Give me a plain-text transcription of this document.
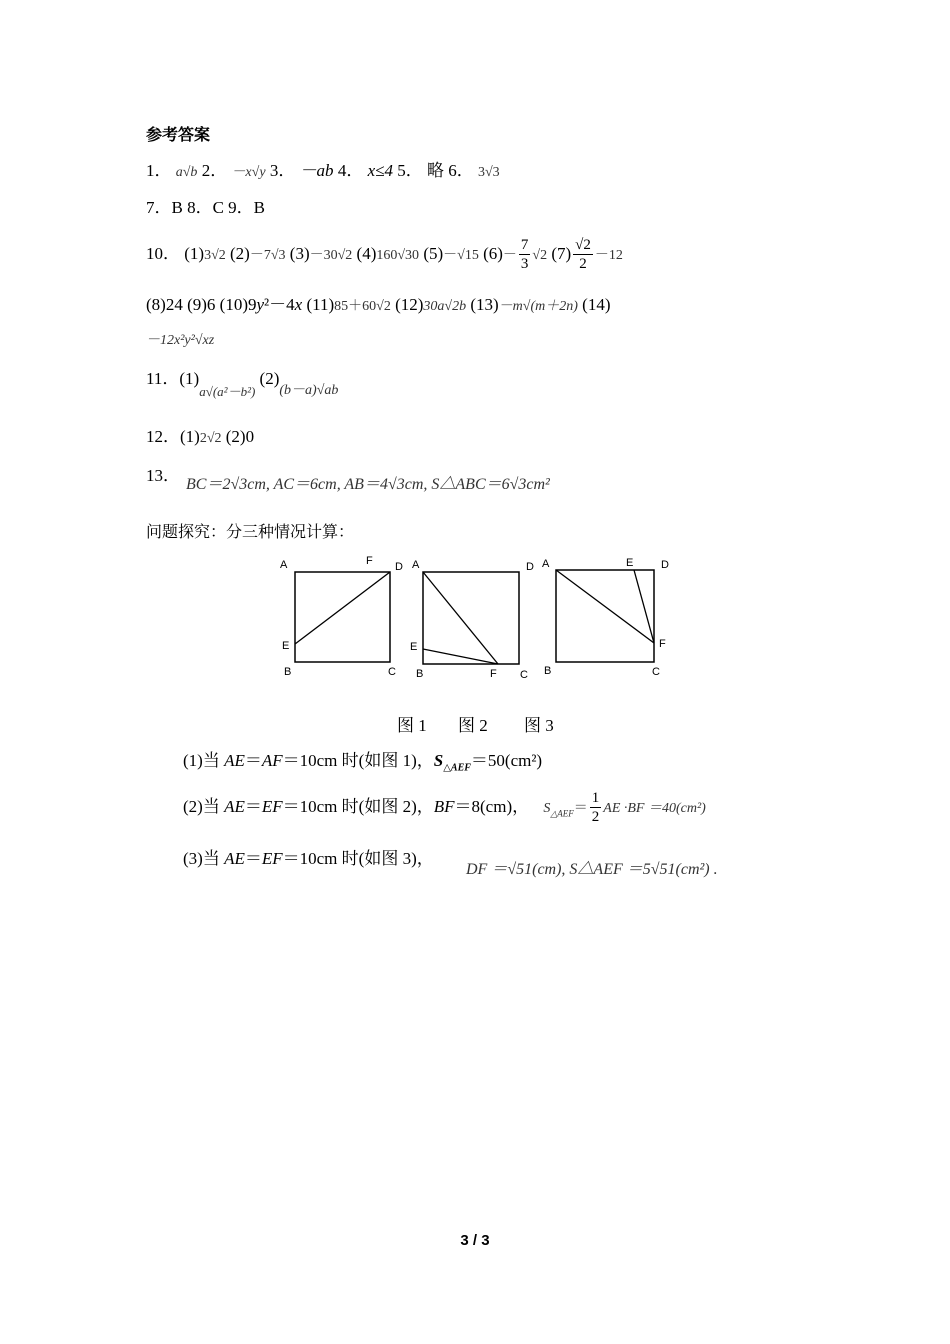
参考答案
1． a√b 2． －x√y 3． －ab 4． x≤4 5． 略 6． 3√3
7．B 8．C 9．B
10． (1)3√2 (2)－7√3 (3)－30√2 (4)160√30 (5)－√15 $(6)- \frac{7}{3} √2$ $(7) \frac{√2}{2} -12$
(8)24 (9)6 (10)9y²－4x (11)85＋60√2 (12)30a√2b (13)－m√(m＋2n) (14)
－12x²y²√xz
11．$(1)_{a√(a^2-b^2)}$ $(2)_{(b-a)√ab}$
12．(1)2√2 (2)0
13． BC＝2√3cm, AC＝6cm, AB＝4√3cm, S△ABC＝6√3cm²
问题探究：分三种情况计算：
A	F D
E
B	C
A	D
E
B	F C
A	E	D
F
B	C
图 1 图 2 图 3
(1)当 AE＝AF＝10cm 时(如图 1)，$S_{\triangle AEF}=50(cm^2)$
(2)当 AE＝EF＝10cm 时(如图 2)，BF＝8(cm)， $S_{\triangle AEF}= \frac{1}{2}$ AE ·BF ＝40(cm²)
(3)当 AE＝EF＝10cm 时(如图 3)，
DF ＝√51(cm), S△AEF ＝5√51(cm²) .
3 / 3
